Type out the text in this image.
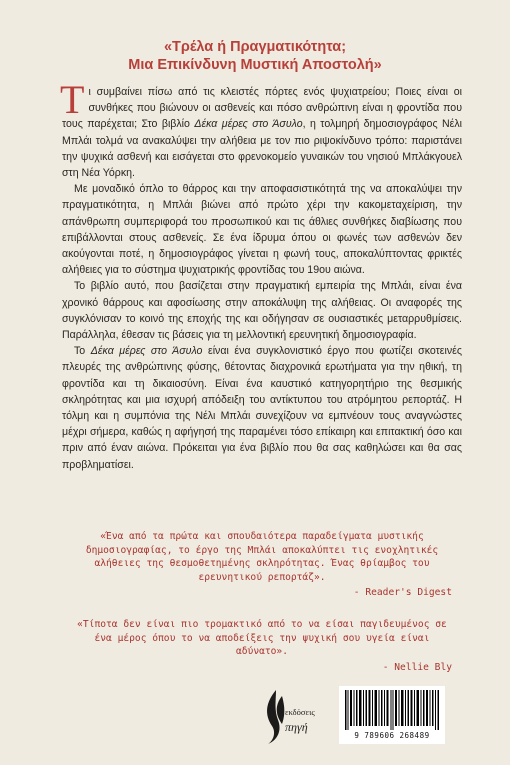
«Τρέλα ή Πραγματικότητα;
Μια Επικίνδυνη Μυστική Αποστολή»

Τι συμβαίνει πίσω από τις κλειστές πόρτες ενός ψυχιατρείου; Ποιες είναι οι συνθήκες που βιώνουν οι ασθενείς και πόσο ανθρώπινη είναι η φροντίδα που τους παρέχεται; Στο βιβλίο Δέκα μέρες στο Άσυλο, η τολμηρή δημοσιογράφος Νέλι Μπλάι τολμά να ανακαλύψει την αλήθεια με τον πιο ριψοκίνδυνο τρόπο: παριστάνει την ψυχικά ασθενή και εισάγεται στο φρενοκομείο γυναικών του νησιού Μπλάκγουελ στη Νέα Υόρκη.

Με μοναδικό όπλο το θάρρος και την αποφασιστικότητά της να αποκαλύψει την πραγματικότητα, η Μπλάι βιώνει από πρώτο χέρι την κακομεταχείριση, την απάνθρωπη συμπεριφορά του προσωπικού και τις άθλιες συνθήκες διαβίωσης που επιβάλλονται στους ασθενείς. Σε ένα ίδρυμα όπου οι φωνές των ασθενών δεν ακούγονται ποτέ, η δημοσιογράφος γίνεται η φωνή τους, αποκαλύπτοντας φρικτές αλήθειες για το σύστημα ψυχιατρικής φροντίδας του 19ου αιώνα.

Το βιβλίο αυτό, που βασίζεται στην πραγματική εμπειρία της Μπλάι, είναι ένα χρονικό θάρρους και αφοσίωσης στην αποκάλυψη της αλήθειας. Οι αναφορές της συγκλόνισαν το κοινό της εποχής της και οδήγησαν σε ουσιαστικές μεταρρυθμίσεις. Παράλληλα, έθεσαν τις βάσεις για τη μελλοντική ερευνητική δημοσιογραφία.

Το Δέκα μέρες στο Άσυλο είναι ένα συγκλονιστικό έργο που φωτίζει σκοτεινές πλευρές της ανθρώπινης φύσης, θέτοντας διαχρονικά ερωτήματα για την ηθική, τη φροντίδα και τη δικαιοσύνη. Είναι ένα καυστικό κατηγορητήριο της θεσμικής σκληρότητας και μια ισχυρή απόδειξη του αντίκτυπου του ατρόμητου ρεπορτάζ. Η τόλμη και η συμπόνια της Νέλι Μπλάι συνεχίζουν να εμπνέουν τους αναγνώστες μέχρι σήμερα, καθώς η αφήγησή της παραμένει τόσο επίκαιρη και επιτακτική όσο και πριν από έναν αιώνα. Πρόκειται για ένα βιβλίο που θα σας καθηλώσει και θα σας προβληματίσει.

«Ένα από τα πρώτα και σπουδαιότερα παραδείγματα μυστικής δημοσιογραφίας, το έργο της Μπλάι αποκαλύπτει τις ενοχλητικές αλήθειες της θεσμοθετημένης σκληρότητας. Ένας θρίαμβος του ερευνητικού ρεπορτάζ».
- Reader's Digest
«Τίποτα δεν είναι πιο τρομακτικό από το να είσαι παγιδευμένος σε ένα μέρος όπου το να αποδείξεις την ψυχική σου υγεία είναι αδύνατο».
- Nellie Bly
εκδόσεις
πηγή
9 789606 268489
